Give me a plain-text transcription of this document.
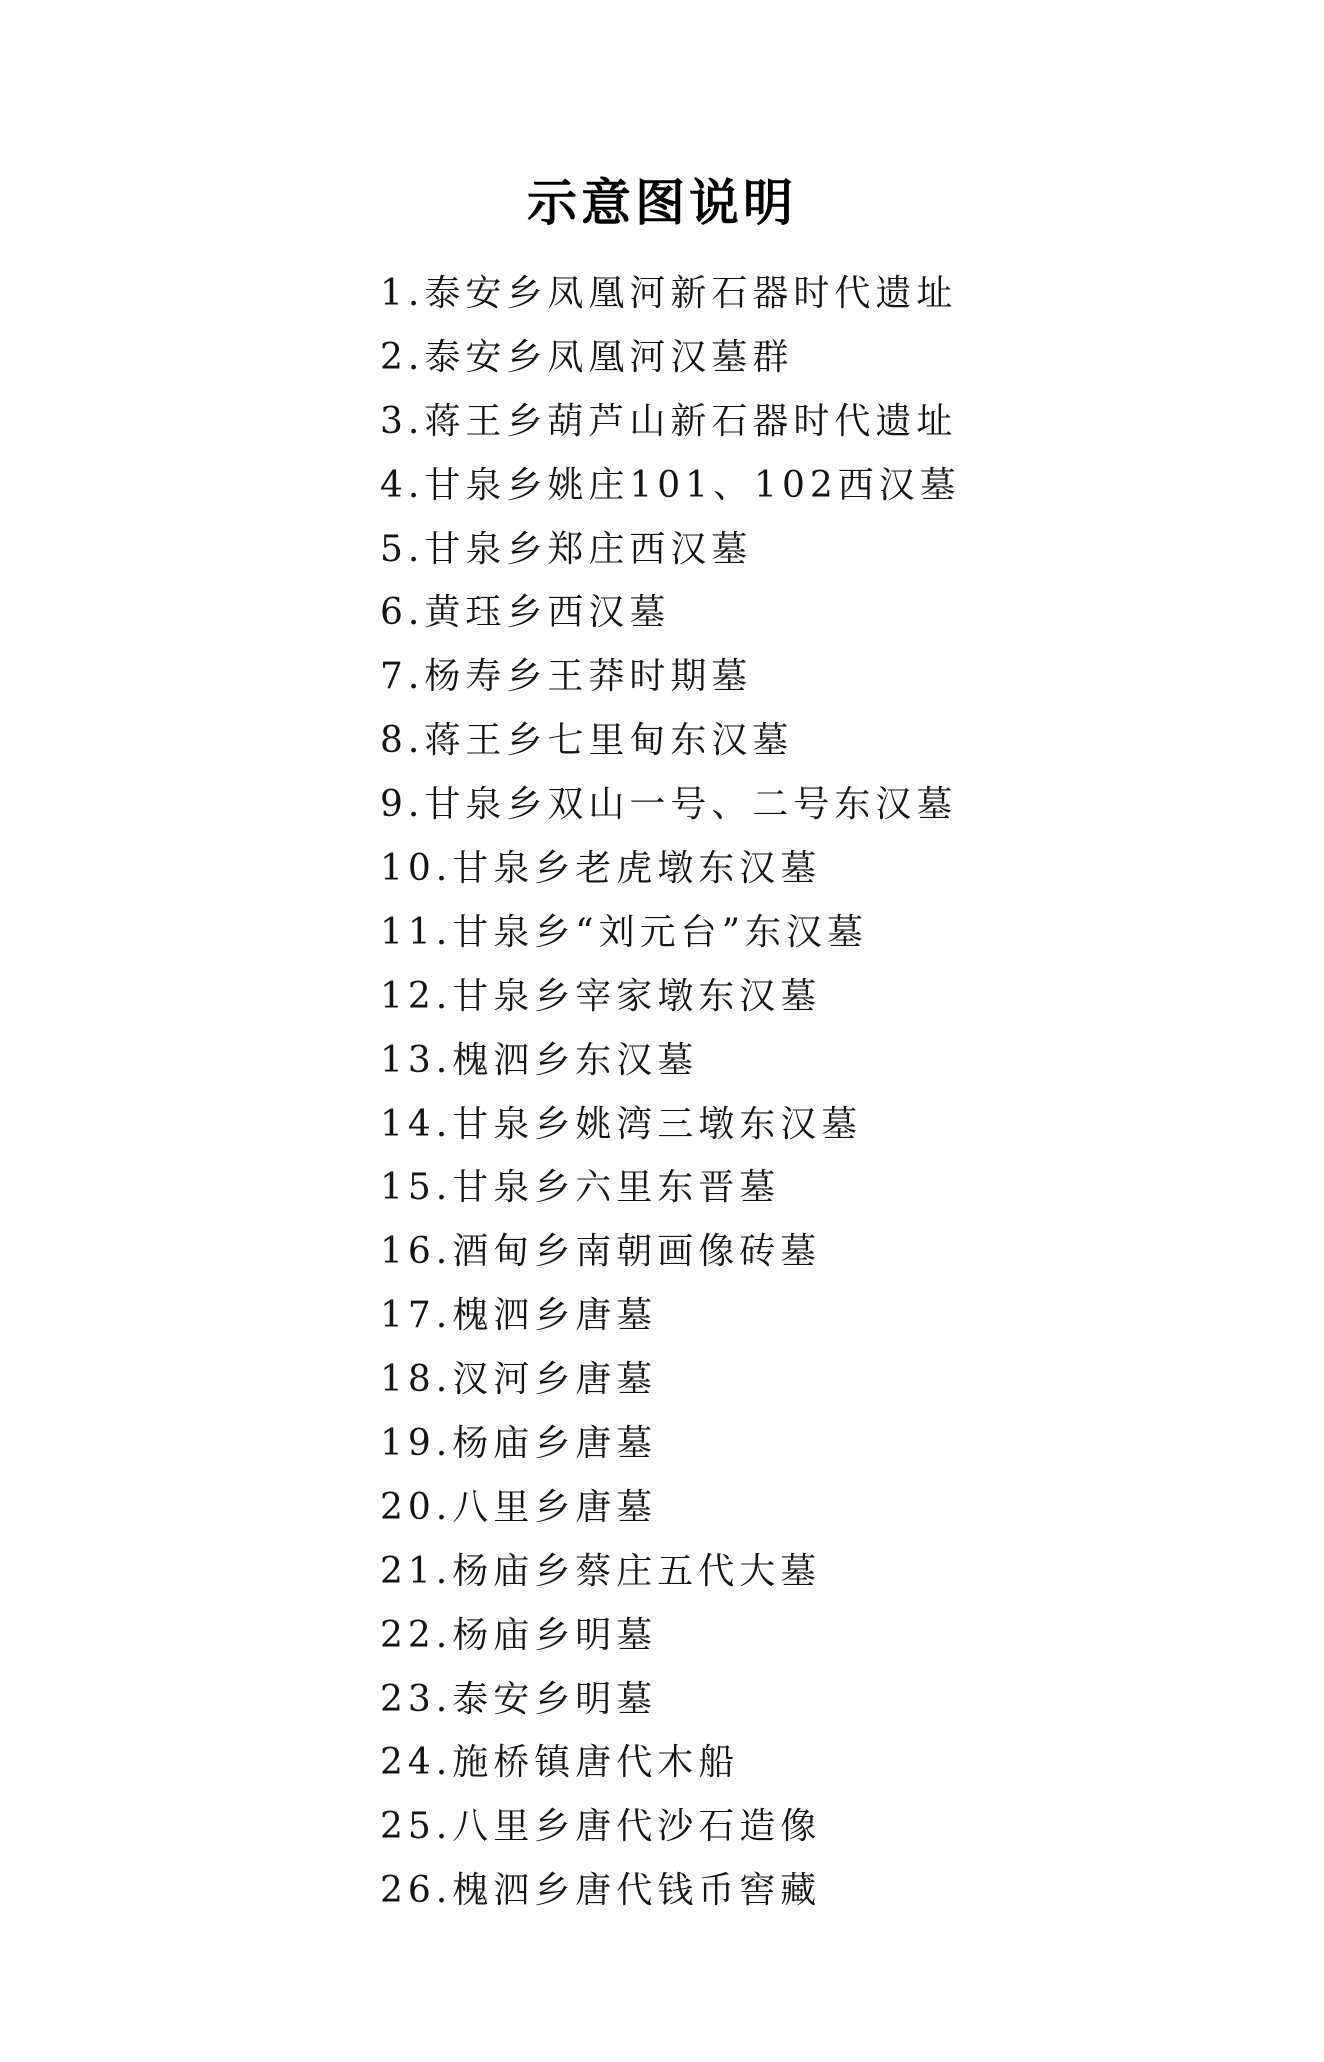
示意图说明
1.泰安乡凤凰河新石器时代遗址
2.泰安乡凤凰河汉墓群
3.蒋王乡葫芦山新石器时代遗址
4.甘泉乡姚庄101、102西汉墓
5.甘泉乡郑庄西汉墓
6.黄珏乡西汉墓
7.杨寿乡王莽时期墓
8.蒋王乡七里甸东汉墓
9.甘泉乡双山一号、二号东汉墓
10.甘泉乡老虎墩东汉墓
11.甘泉乡“刘元台”东汉墓
12.甘泉乡宰家墩东汉墓
13.槐泗乡东汉墓
14.甘泉乡姚湾三墩东汉墓
15.甘泉乡六里东晋墓
16.酒甸乡南朝画像砖墓
17.槐泗乡唐墓
18.汊河乡唐墓
19.杨庙乡唐墓
20.八里乡唐墓
21.杨庙乡蔡庄五代大墓
22.杨庙乡明墓
23.泰安乡明墓
24.施桥镇唐代木船
25.八里乡唐代沙石造像
26.槐泗乡唐代钱币窖藏
